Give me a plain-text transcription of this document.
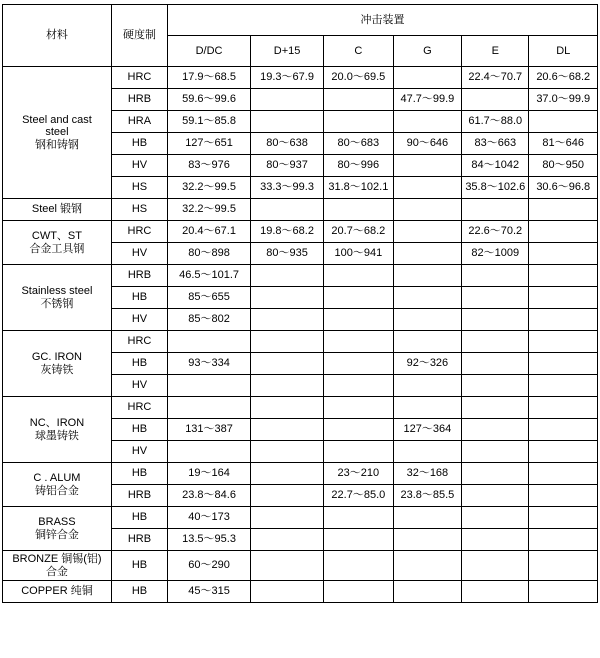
材料	硬度制	冲击装置					
		D/DC	D+15	C	G	E	DL

Steel and cast
steel
钢和铸钢	HRC	17.9～68.5	19.3～67.9	20.0～69.5		22.4～70.7	20.6～68.2
	HRB	59.6～99.6			47.7～99.9		37.0～99.9
	HRA	59.1～85.8				61.7～88.0	
	HB	127～651	80～638	80～683	90～646	83～663	81～646
	HV	83～976	80～937	80～996		84～1042	80～950
	HS	32.2～99.5	33.3～99.3	31.8～102.1		35.8～102.6	30.6～96.8

Steel 锻钢	HS	32.2～99.5					

CWT、ST
合金工具钢	HRC	20.4～67.1	19.8～68.2	20.7～68.2		22.6～70.2	
	HV	80～898	80～935	100～941		82～1009	

Stainless steel
不锈钢	HRB	46.5～101.7					
	HB	85～655					
	HV	85～802					

GC. IRON
灰铸铁	HRC						
	HB	93～334			92～326		
	HV						

NC、IRON
球墨铸铁	HRC						
	HB	131～387			127～364		
	HV						

C . ALUM
铸铝合金	HB	19～164		23～210	32～168		
	HRB	23.8～84.6		22.7～85.0	23.8～85.5		

BRASS
铜锌合金	HB	40～173					
	HRB	13.5～95.3					

BRONZE 铜锡(铝)
合金	HB	60～290					

COPPER 纯铜	HB	45～315					
